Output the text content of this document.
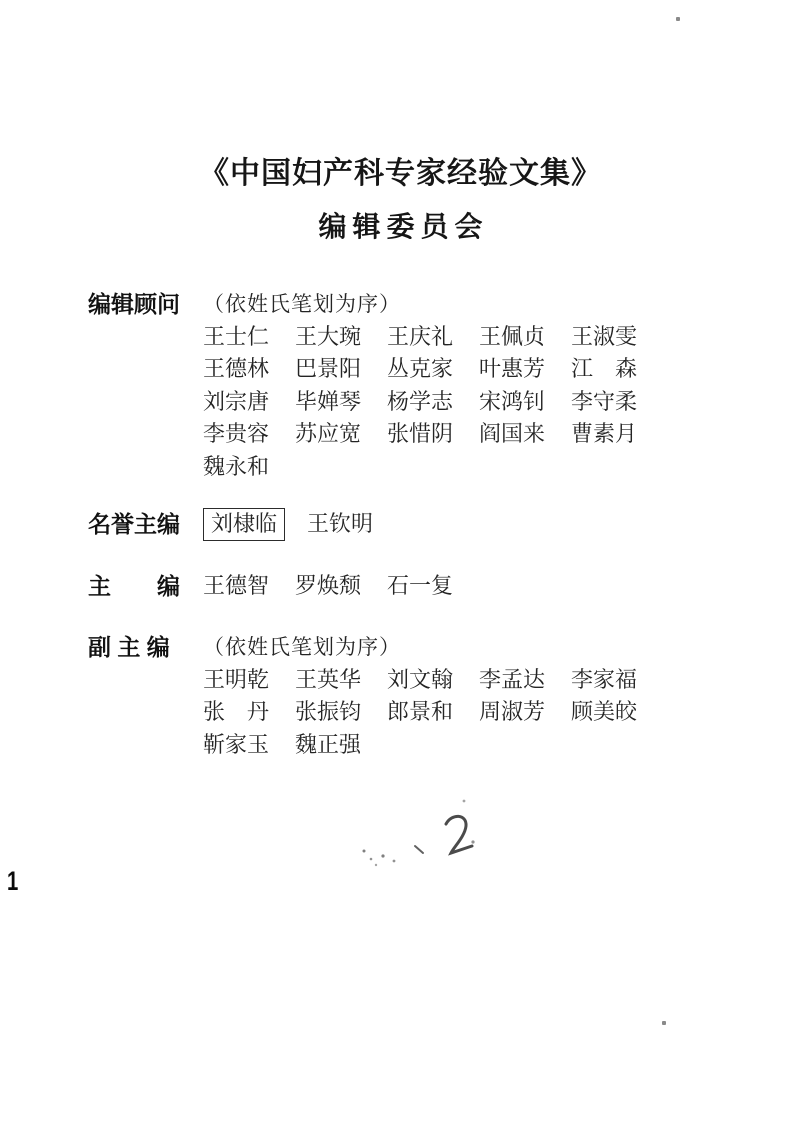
《中国妇产科专家经验文集》
编辑委员会
编辑顾问	（依姓氏笔划为序）
王士仁 王大琬 王庆礼 王佩贞 王淑雯
王德林 巴景阳 丛克家 叶惠芳 江　森
刘宗唐 毕婵琴 杨学志 宋鸿钊 李守柔
李贵容 苏应宽 张惜阴 阎国来 曹素月
魏永和
名誉主编	刘棣临	王钦明
主　　编	王德智 罗焕颓 石一复
副 主 编	（依姓氏笔划为序）
王明乾 王英华 刘文翰 李孟达 李家福
张　丹 张振钧 郎景和 周淑芳 顾美皎
靳家玉 魏正强
1
